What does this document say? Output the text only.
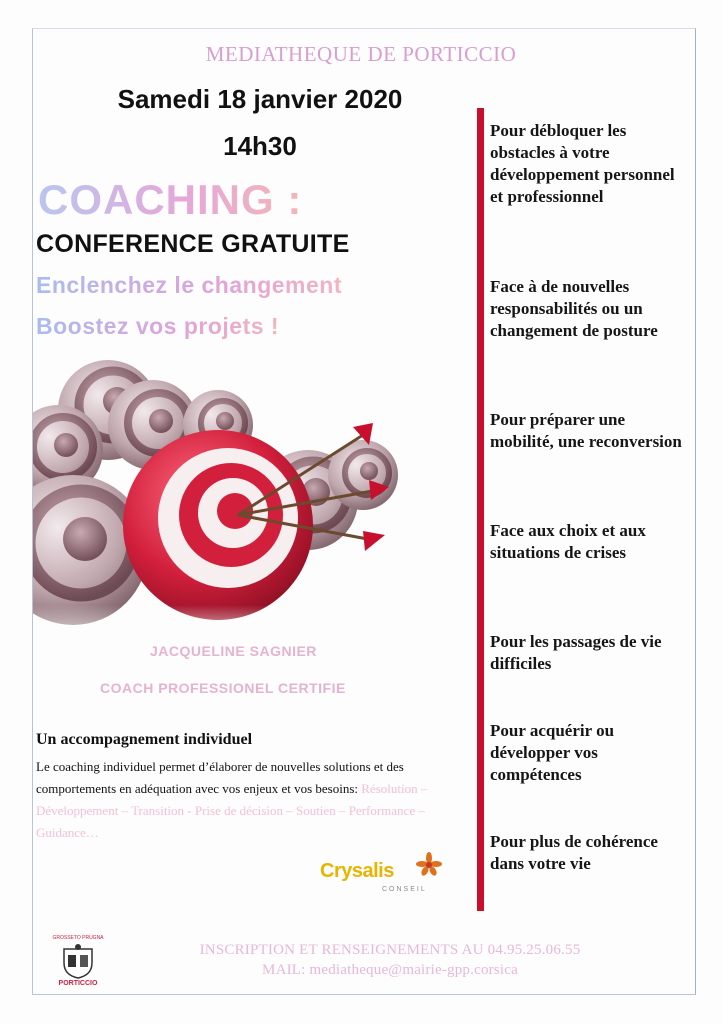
MEDIATHEQUE DE PORTICCIO
Samedi 18 janvier 2020
14h30
COACHING :
CONFERENCE GRATUITE
Enclenchez le changement
Boostez vos projets !
JACQUELINE SAGNIER
COACH PROFESSIONEL CERTIFIE
Un accompagnement individuel
Le coaching individuel permet d’élaborer de nouvelles solutions et des comportements en adéquation avec vos enjeux et vos besoins: Résolution – Développement – Transition - Prise de décision – Soutien – Performance – Guidance…
Crysalis
CONSEIL
Pour débloquer les obstacles à votre développement personnel et professionnel
Face à de nouvelles responsabilités ou un changement de posture
Pour préparer une mobilité, une reconversion
Face aux choix et aux situations de crises
Pour les passages de vie difficiles
Pour acquérir ou développer vos compétences
Pour plus de cohérence dans votre vie
GROSSETO PRUGNA
PORTICCIO
INSCRIPTION ET RENSEIGNEMENTS AU 04.95.25.06.55
MAIL: mediatheque@mairie-gpp.corsica
